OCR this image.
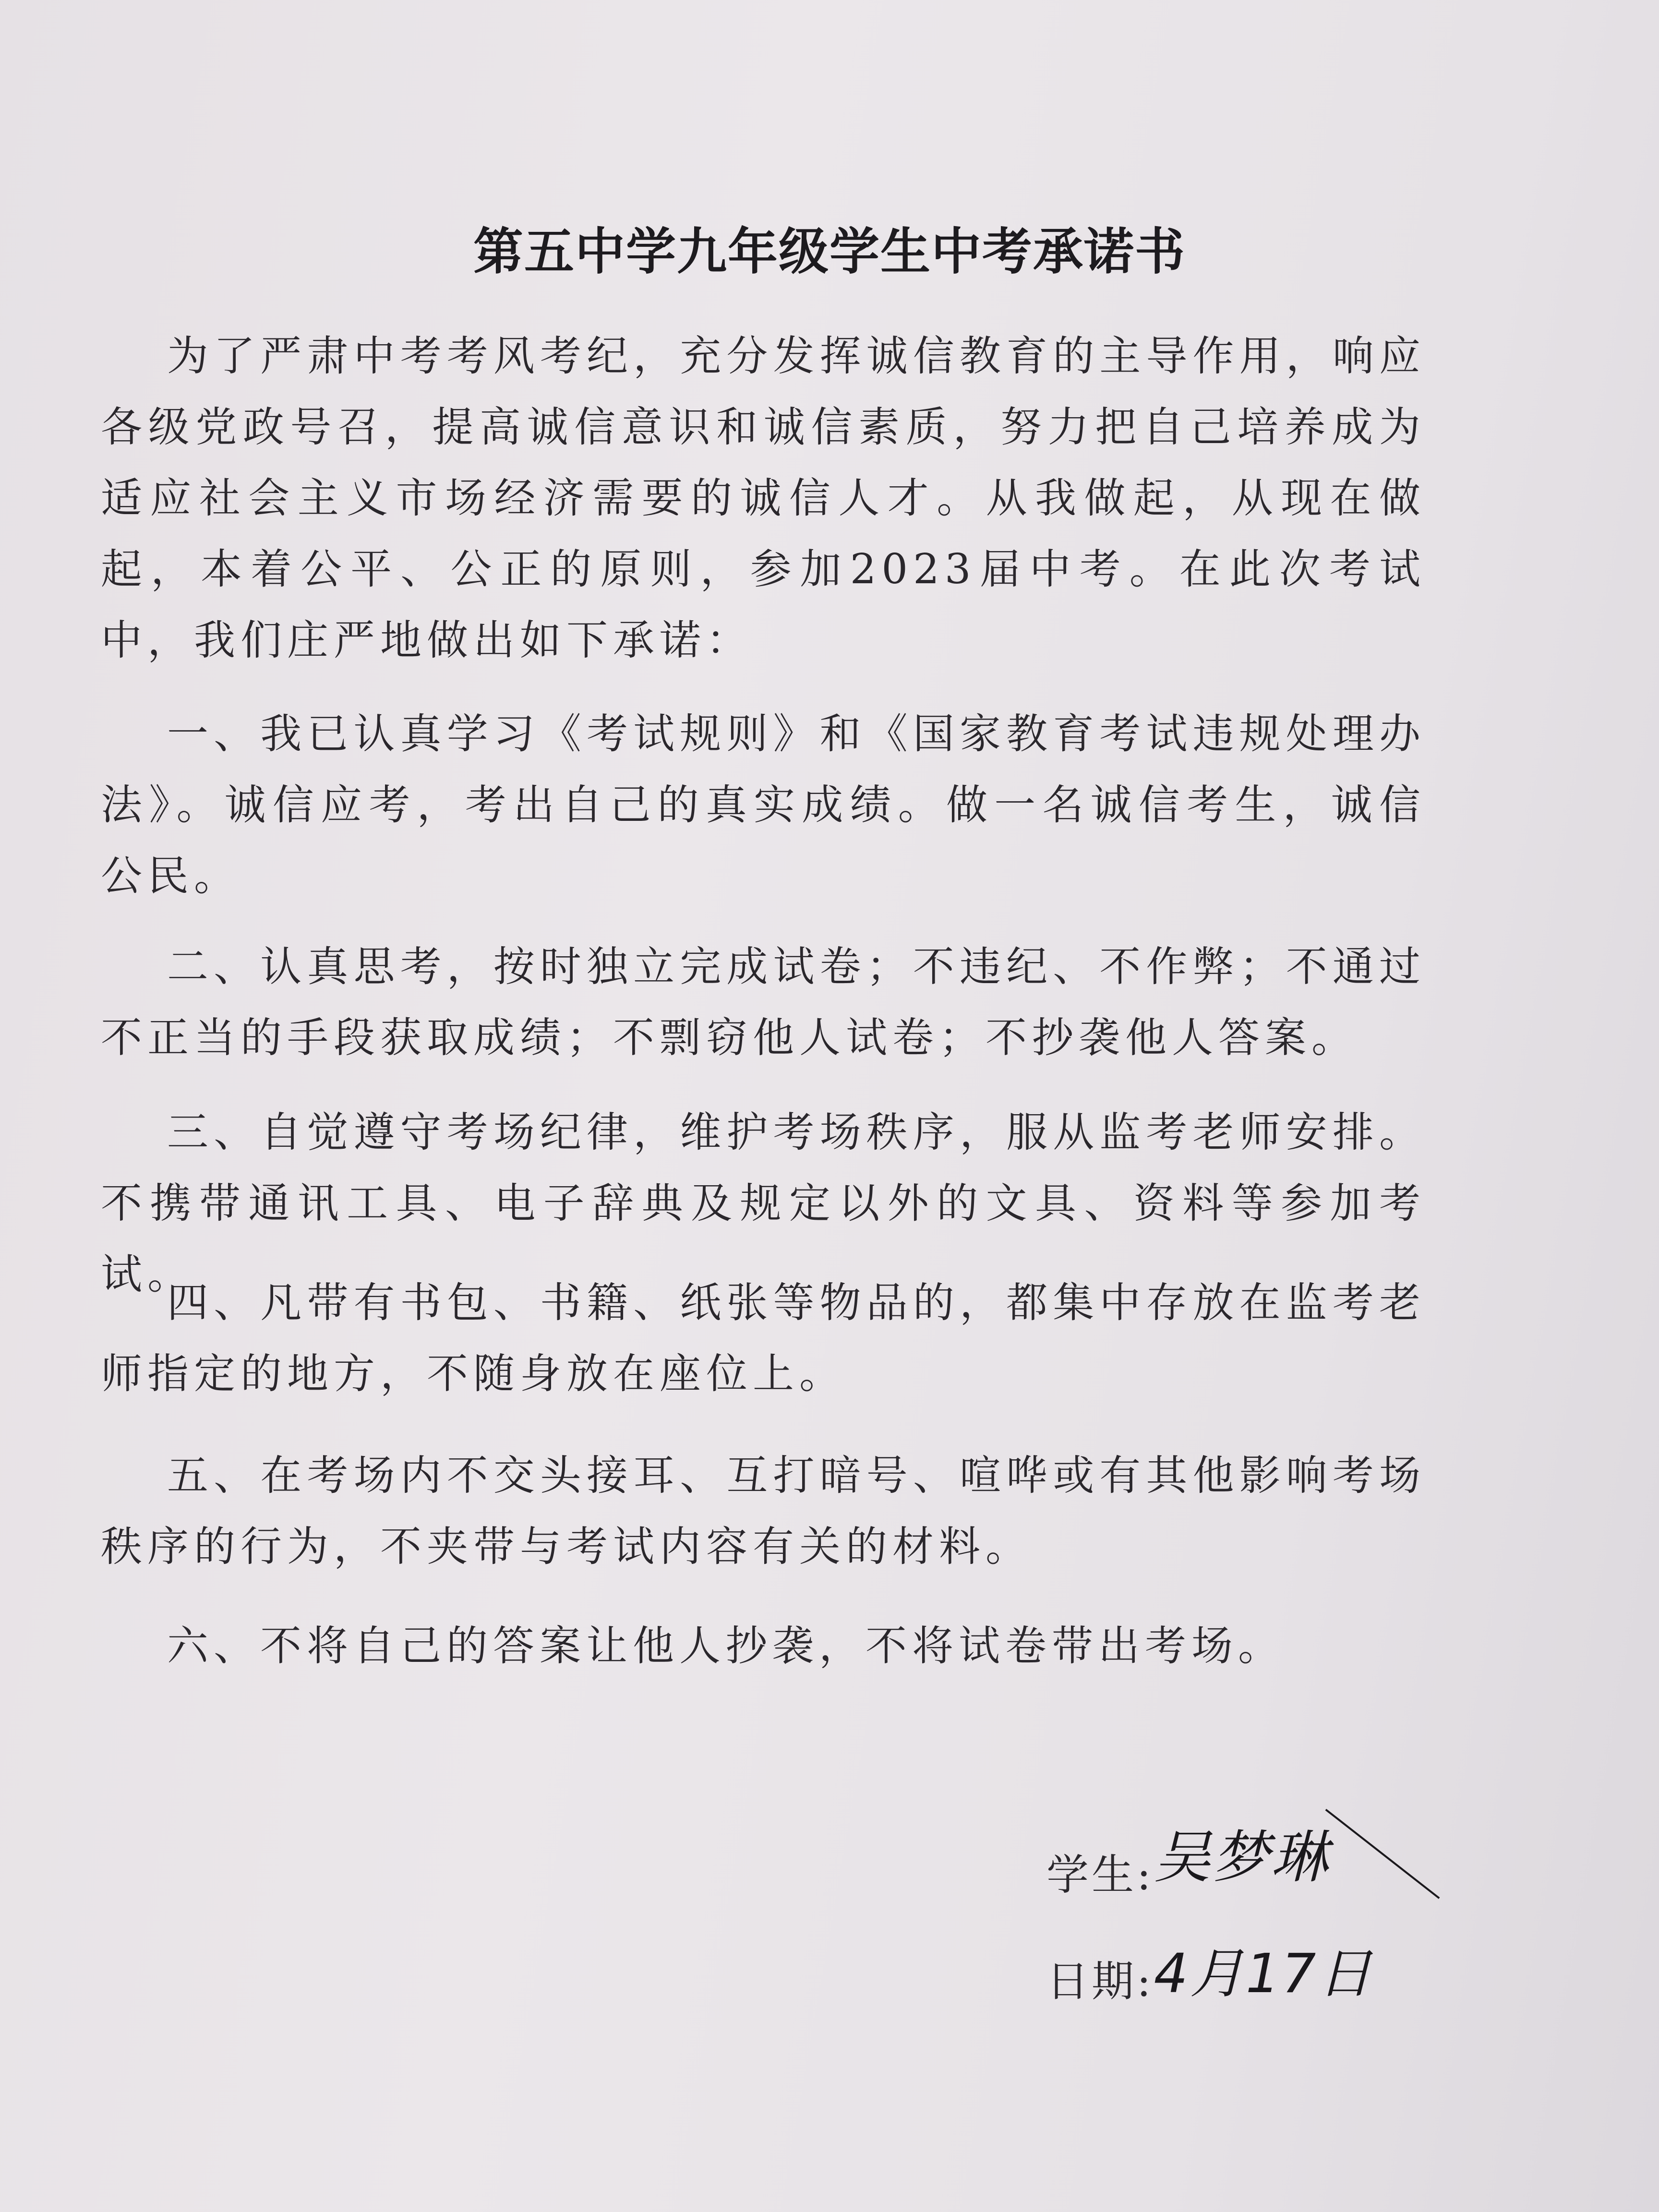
第五中学九年级学生中考承诺书

为了严肃中考考风考纪，充分发挥诚信教育的主导作用，响应各级党政号召，提高诚信意识和诚信素质，努力把自己培养成为适应社会主义市场经济需要的诚信人才。从我做起，从现在做起，本着公平、公正的原则，参加2023届中考。在此次考试中，我们庄严地做出如下承诺：

一、我已认真学习《考试规则》和《国家教育考试违规处理办法》。诚信应考，考出自己的真实成绩。做一名诚信考生，诚信公民。

二、认真思考，按时独立完成试卷；不违纪、不作弊；不通过不正当的手段获取成绩；不剽窃他人试卷；不抄袭他人答案。

三、自觉遵守考场纪律，维护考场秩序，服从监考老师安排。不携带通讯工具、电子辞典及规定以外的文具、资料等参加考试。

四、凡带有书包、书籍、纸张等物品的，都集中存放在监考老师指定的地方，不随身放在座位上。

五、在考场内不交头接耳、互打暗号、喧哗或有其他影响考场秩序的行为，不夹带与考试内容有关的材料。

六、不将自己的答案让他人抄袭，不将试卷带出考场。

学生:吴梦琳
日期:4月17日
